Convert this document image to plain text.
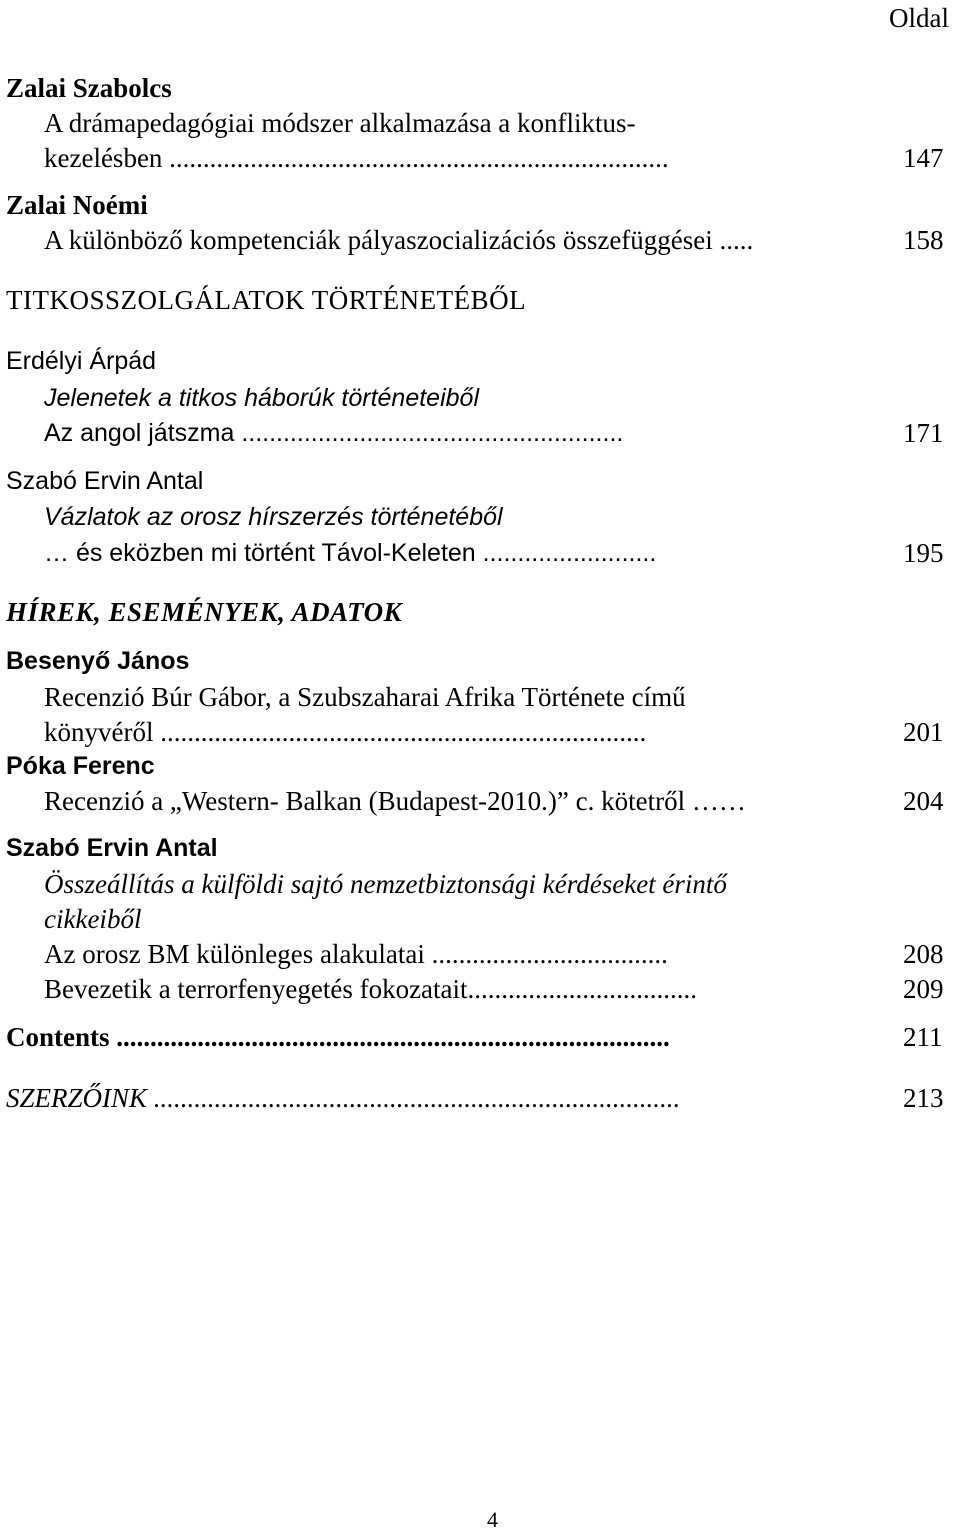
Oldal
Zalai Szabolcs
A drámapedagógiai módszer alkalmazása a konfliktus-
kezelésben ..........................................................................	147
Zalai Noémi
A különböző kompetenciák pályaszocializációs összefüggései .....	158
TITKOSSZOLGÁLATOK TÖRTÉNETÉBŐL
Erdélyi Árpád
Jelenetek a titkos háborúk történeteiből
Az angol játszma .......................................................	171
Szabó Ervin Antal
Vázlatok az orosz hírszerzés történetéből
… és eközben mi történt Távol-Keleten .........................	195
HÍREK, ESEMÉNYEK, ADATOK
Besenyő János
Recenzió Búr Gábor, a Szubszaharai Afrika Története című
könyvéről ........................................................................	201
Póka Ferenc
Recenzió a „Western- Balkan (Budapest-2010.)” c. kötetről ……	204
Szabó Ervin Antal
Összeállítás a külföldi sajtó nemzetbiztonsági kérdéseket érintő
cikkeiből
Az orosz BM különleges alakulatai ...................................	208
Bevezetik a terrorfenyegetés fokozatait..................................	209
Contents ..................................................................................	211
SZERZŐINK ..............................................................................	213
4
